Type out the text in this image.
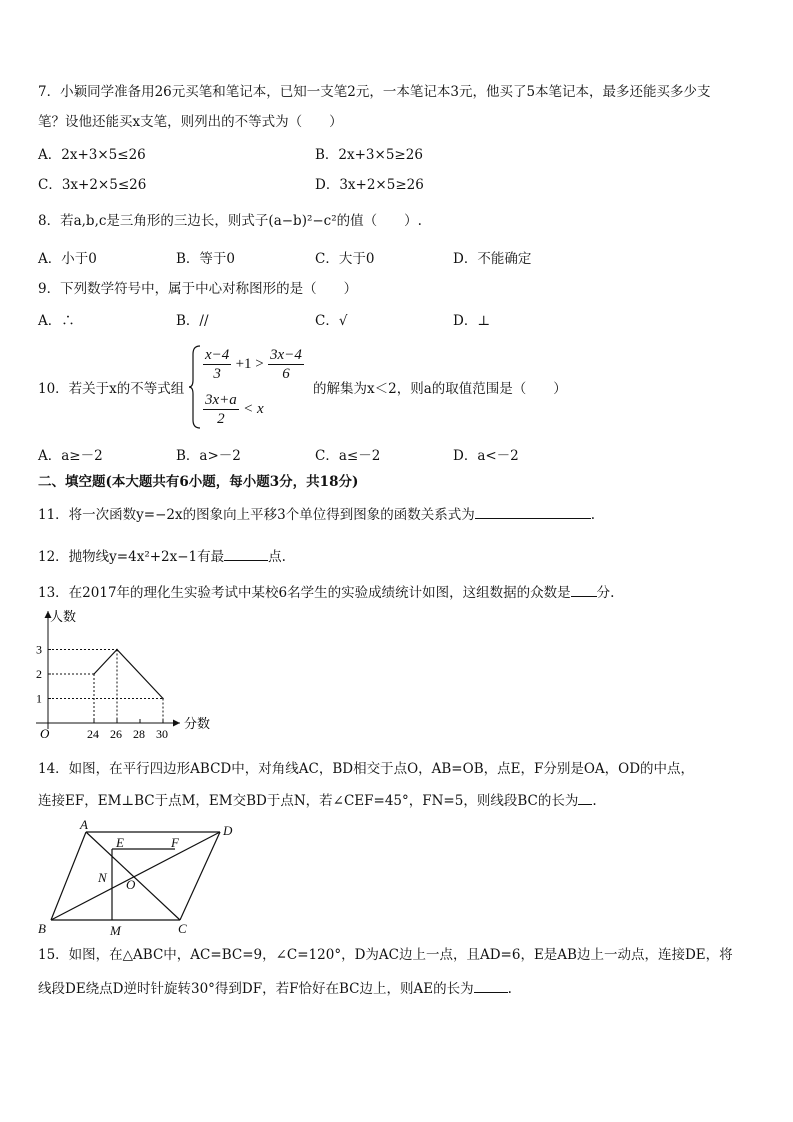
7．小颖同学准备用26元买笔和笔记本，已知一支笔2元，一本笔记本3元，他买了5本笔记本，最多还能买多少支
笔？设他还能买x支笔，则列出的不等式为（　　）
A．2x+3×5≤26	B．2x+3×5≥26
C．3x+2×5≤26	D．3x+2×5≥26
8．若a,b,c是三角形的三边长，则式子(a−b)²−c²的值（　　）.
A．小于0	B．等于0	C．大于0	D．不能确定
9．下列数学符号中，属于中心对称图形的是（　　）
A．∴	B．//	C．√	D．⊥
10．若关于x的不等式组
$\frac{x-4}{3} +1 > \frac{3x-4}{6}$
$\frac{3x+a}{2} < x$
的解集为x＜2，则a的取值范围是（　　）
A．a≥－2	B．a>－2	C．a≤－2	D．a<－2
二、填空题(本大题共有6小题，每小题3分，共18分)
11．将一次函数y=−2x的图象向上平移3个单位得到图象的函数关系式为	.
12．抛物线y=4x²+2x−1有最	点.
13．在2017年的理化生实验考试中某校6名学生的实验成绩统计如图，这组数据的众数是 分.
人数
分数
O
1
2
3
24 26 28 30
14．如图，在平行四边形ABCD中，对角线AC，BD相交于点O，AB=OB，点E，F分别是OA，OD的中点，
连接EF，EM⊥BC于点M，EM交BD于点N，若∠CEF=45°，FN=5，则线段BC的长为 .
A
B	C
D
E	F
M
N O
15．如图，在△ABC中，AC=BC=9，∠C=120°，D为AC边上一点，且AD=6，E是AB边上一动点，连接DE，将
线段DE绕点D逆时针旋转30°得到DF，若F恰好在BC边上，则AE的长为	.
